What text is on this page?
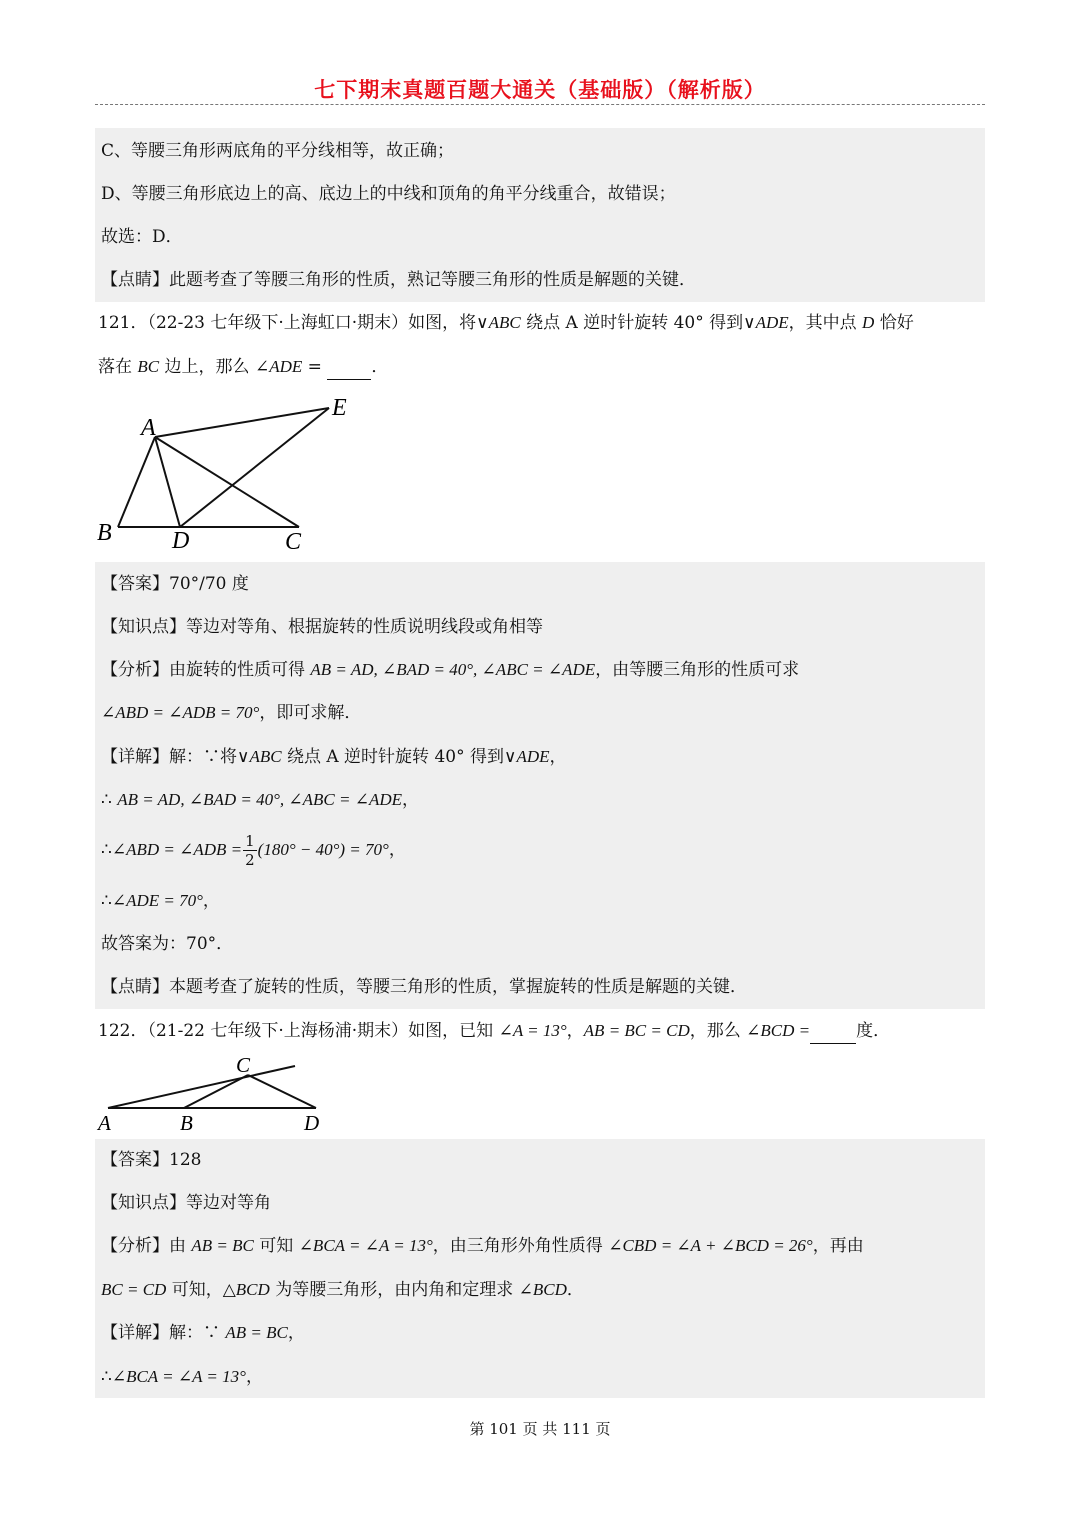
七下期末真题百题大通关（基础版）（解析版）
C、等腰三角形两底角的平分线相等，故正确；
D、等腰三角形底边上的高、底边上的中线和顶角的角平分线重合，故错误；
故选：D．
【点睛】此题考查了等腰三角形的性质，熟记等腰三角形的性质是解题的关键．
121．（22-23 七年级下·上海虹口·期末）如图，将∨ABC 绕点 A 逆时针旋转 40° 得到∨ADE，其中点 D 恰好
落在 BC 边上，那么 ∠ADE =	．
A
E
B	D	C
【答案】70°/70 度
【知识点】等边对等角、根据旋转的性质说明线段或角相等
【分析】由旋转的性质可得 AB = AD, ∠BAD = 40°, ∠ABC = ∠ADE，由等腰三角形的性质可求
∠ABD = ∠ADB = 70°，即可求解．
【详解】解：∵将∨ABC 绕点 A 逆时针旋转 40° 得到∨ADE，
∴ AB = AD, ∠BAD = 40°, ∠ABC = ∠ADE，
∴∠ABD = ∠ADB = $\frac{1}{2} (180^\circ - 40^\circ) = 70^\circ$，
∴∠ADE = 70°，
故答案为：70°．
【点睛】本题考查了旋转的性质，等腰三角形的性质，掌握旋转的性质是解题的关键．
122．（21-22 七年级下·上海杨浦·期末）如图，已知 ∠A = 13°，AB = BC = CD，那么 ∠BCD =	度．
C
A	B	D
【答案】128
【知识点】等边对等角
【分析】由 AB = BC 可知 ∠BCA = ∠A = 13°，由三角形外角性质得 ∠CBD = ∠A + ∠BCD = 26°，再由
BC = CD 可知，△BCD 为等腰三角形，由内角和定理求 ∠BCD．
【详解】解：∵ AB = BC，
∴∠BCA = ∠A = 13°，
第 101 页 共 111 页
